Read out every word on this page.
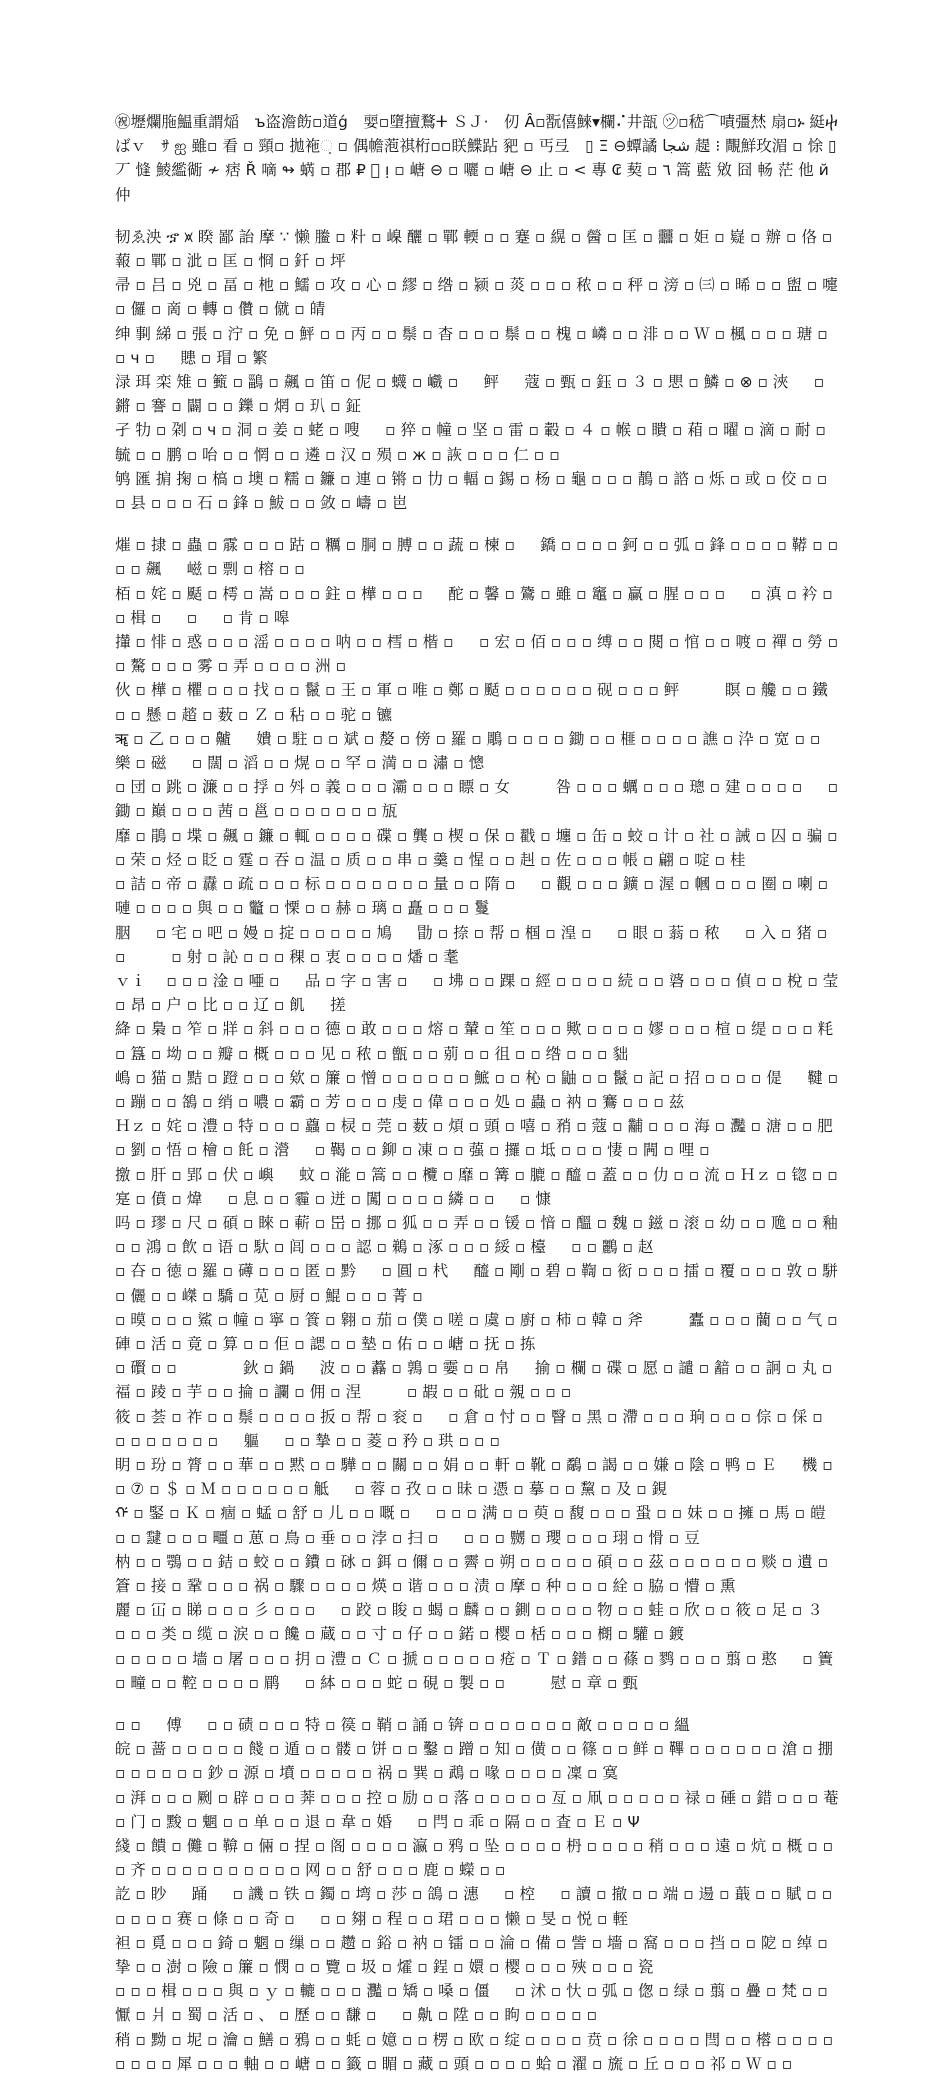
㊗壢爛胣鰛重謂㷔　ъ盗澹飭▫道ǵ　婯▫墮擅鶩ⵜ ＳＪ·　仞 Â▫翫僖鯠▾欄⠌井瓿 ㋡▫嵇⌒嘖彊㷊 扇▫ኑ 綎ⴕばｖ　ｻ ஐ 雖▫ 看 ▫ 頸▫ 拋袘ᨘ ▫ 偶幨萢祺桁▫▫眹鰈跕 豝 ▫ 丐弖　▯ Ξ ⊖蟫譎 ﺷﺠﺎ 趧 ⁝ 覸鮮玫湄 ▫ 悇 ▯ 丆 㦀 鯪繿衚 ≁ 痞 Ř 嘀 ↬ 蜹 ▫ 郡 ₽ ᪷ ᴉ ▫ 嵣 ⊖ ▫ 囇 ▫ 嵣 ⊖ 止 ▫ < 專 ₢ 葜 ▫ ٦ 篙 藍 敓 囧 畅 茫 他 й 仲

韧ゑ泱 ኇ ⩙ 睽 鄙 詒 摩 ∵ 懒 䲢 ▫ 籵 ▫ 嵲 釃 ▫ 鄲 輭 ▫ ▫ 蹇 ▫ 縨 ▫ 醟 ▫ 匡 ▫ 䨻 ▫ 姖 ▫ 嶷 ▫ 辦 ▫ 佫 ▫ 蕔 ▫ 鄲 ▫ 泚 ▫ 匡 ▫ 㤯 ▫ 釺 ▫ 坪

帚 ▫ 吕 ▫ 兇 ▫ 畐 ▫ 杝 ▫ 鱬 ▫ 攻 ▫ 心 ▫ 繆 ▫ 绺 ▫ 颍 ▫ 菼 ▫ ▫ ▫ 秾 ▫ ▫ 秤 ▫ 滂 ▫ ㈢ ▫ 晞 ▫ ▫ 盥 ▫ 嚏 ▫ 儸 ▫ 啇 ▫ 轉 ▫ 儹 ▫ 僦 ▫ 皘

绅 剚 綈 ▫ 張 ▫ 泞 ▫ 免 ▫ 鮃 ▫ ▫ 丙 ▫ ▫ 鬃 ▫ 杳 ▫ ▫ ▫ 鬃 ▫ ▫ 槐 ▫ 嶙 ▫ ▫ 渄 ▫ ▫ Ｗ ▫ 楓 ▫ ▫ ▫ 瑭 ▫ ▫ ч ▫ 　 贃 ▫ 瑁 ▫ 繁

渌 珥 栾 雉 ▫ 籈 ▫ 鶅 ▫ 飆 ▫ 笛 ▫ 伲 ▫ 蠛 ▫ 巇 ▫ 　 鲆 　 蔻 ▫ 甄 ▫ 鈺 ▫ ３ ▫ 愳 ▫ 鱗 ▫ ⊗ ▫ 浹 　 ▫ 鏘 ▫ 謇 ▫ 闢 ▫ ▫ 鑠 ▫ 焹 ▫ 玐 ▫ 鉦

孑 牞 ▫ 刴 ▫ ч ▫ 洞 ▫ 姜 ▫ 蛯 ▫ 嗖 　 ▫ 猝 ▫ 幢 ▫ 坚 ▫ 雷 ▫ 轂 ▫ ４ ▫ 帿 ▫ 瞶 ▫ 葙 ▫ 曜 ▫ 滴 ▫ 耐 ▫ 毓 ▫ ▫ 鹏 ▫ 咍 ▫ ▫ 惘 ▫ ▫ 遴 ▫ 汉 ▫ 殒 ▫ ж ▫ 詼 ▫ ▫ ▫ 仁 ▫ ▫

鸲 匯 掮 掬 ▫ 槁 ▫ 墺 ▫ 糯 ▫ 鐮 ▫ 連 ▫ 锵 ▫ 㔹 ▫ 輻 ▫ 錫 ▫ 杨 ▫ 龜 ▫ ▫ ▫ 鶄 ▫ 諮 ▫ 烁 ▫ 或 ▫ 佼 ▫ ▫ ▫ 县 ▫ ▫ ▫ 石 ▫ 鋒 ▫ 鮁 ▫ ▫ 敛 ▫ 嶹 ▫ 岜

熣 ▫ 捸 ▫ 蟲 ▫ 霡 ▫ ▫ ▫ 跍 ▫ 糲 ▫ 胴 ▫ 膊 ▫ ▫ 蔬 ▫ 楝 ▫ 　 鐈 ▫ ▫ ▫ ▫ 鈳 ▫ ▫ 弧 ▫ 鋒 ▫ ▫ ▫ ▫ 鞯 ▫ ▫ ▫ ▫ 飆 　 嵫 ▫ 剽 ▫ 榕 ▫ ▫

栢 ▫ 姹 ▫ 颳 ▫ 樗 ▫ 嵩 ▫ ▫ ▫ 鉒 ▫ 樺 ▫ ▫ ▫ 　 酡 ▫ 馨 ▫ 鷟 ▫ 雖 ▫ 竈 ▫ 贏 ▫ 腥 ▫ ▫ ▫ 　 ▫ 滇 ▫ 衿 ▫ 　 ▫ 楫 ▫ 　 ▫ 　 ▫ 肯 ▫ 嗥

攆 ▫ 悱 ▫ 惑 ▫ ▫ ▫ 滛 ▫ ▫ ▫ ▫ 呐 ▫ ▫ 樰 ▫ 楷 ▫ 　 ▫ 宏 ▫ 佰 ▫ ▫ ▫ 缚 ▫ ▫ 閱 ▫ 悺 ▫ ▫ 喥 ▫ 禪 ▫ 勞 ▫ ▫ 驁 ▫ ▫ ▫ 雾 ▫ 弄 ▫ ▫ ▫ ▫ 洲 ▫

伙 ▫ 樺 ▫ 欋 ▫ ▫ ▫ 找 ▫ ▫ 鬣 ▫ 王 ▫ 軍 ▫ 唯 ▫ 鄭 ▫ 颳 ▫ ▫ ▫ ▫ ▫ ▫ 砚 ▫ ▫ ▫ 鲆 　 　 瞑 ▫ 艬 ▫ ▫ 鐵 ▫ ▫ 懸 ▫ 趦 ▫ 薮 ▫ Ｚ ▫ 秥 ▫ ▫ 驼 ▫ 镳

ॠ ▫ 乙 ▫ ▫ ▫ 齇 　 嬇 ▫ 駐 ▫ ▫ 斌 ▫ 嫠 ▫ 傍 ▫ 羅 ▫ 鵰 ▫ ▫ ▫ ▫ 鋤 ▫ ▫ 榧 ▫ ▫ ▫ ▫ 譙 ▫ 㳃 ▫ 宽 ▫ ▫ 樂 ▫ 磁 　 ▫ 闊 ▫ 滔 ▫ ▫ 熀 ▫ ▫ 罕 ▫ 満 ▫ ▫ 潚 ▫ 憁

▫ 団 ▫ 跳 ▫ 濂 ▫ ▫ 捊 ▫ 斘 ▫ 義 ▫ ▫ ▫ 灞 ▫ ▫ ▫ 瞟 ▫ 女 　 　 咎 ▫ ▫ ▫ 蠣 ▫ ▫ ▫ 璁 ▫ 建 ▫ ▫ ▫ ▫ 　 ▫ 鋤 ▫ 巔 ▫ ▫ ▫ 茜 ▫ 邕 ▫ ▫ ▫ ▫ ▫ ▫ ▫ 瓬

靡 ▫ 鵑 ▫ 堞 ▫ 飆 ▫ 鐮 ▫ 輒 ▫ ▫ ▫ ▫ 碟 ▫ 龔 ▫ 楔 ▫ 保 ▫ 戳 ▫ 㙻 ▫ 缶 ▫ 蛟 ▫ 计 ▫ 社 ▫ 誡 ▫ 囚 ▫ 骗 ▫ ▫ 荣 ▫ 烃 ▫ 眨 ▫ 霆 ▫ 吞 ▫ 温 ▫ 质 ▫ ▫ 串 ▫ 羹 ▫ 惺 ▫ ▫ 赳 ▫ 佐 ▫ ▫ ▫ 帳 ▫ 翩 ▫ 啶 ▫ 桂

▫ 詰 ▫ 帝 ▫ 纛 ▫ 疏 ▫ ▫ ▫ 标 ▫ ▫ ▫ ▫ ▫ ▫ ▫ 量 ▫ ▫ 隋 ▫ 　 ▫ 觀 ▫ ▫ ▫ 鑛 ▫ 渥 ▫ 幗 ▫ ▫ ▫ 圈 ▫ 喇 ▫ 嗹 ▫ ▫ ▫ ▫ 與 ▫ ▫ 龞 ▫ 慄 ▫ ▫ 赫 ▫ 璃 ▫ 矗 ▫ ▫ ▫ 鬘

胭 　 ▫ 宅 ▫ 吧 ▫ 嫚 ▫ 掟 ▫ ▫ ▫ ▫ ▫ 鳩 　 勖 ▫ 捺 ▫ 帮 ▫ 椢 ▫ 湟 ▫ 　 ▫ 眼 ▫ 蓊 ▫ 秾 　 ▫ 入 ▫ 猪 ▫ ▫ 　 　 ▫ 射 ▫ 訫 ▫ ▫ ▫ 稞 ▫ 衷 ▫ ▫ ▫ ▫ 燔 ▫ 耄

ｖｉ　 ▫ ▫ ▫ 淦 ▫ 唖 ▫ 　 品 ▫ 字 ▫ 害 ▫ 　 ▫ 坲 ▫ ▫ 踝 ▫ 經 ▫ ▫ ▫ ▫ 続 ▫ ▫ 碆 ▫ ▫ ▫ 偵 ▫ ▫ 梲 ▫ 莹 ▫ 昂 ▫ 户 ▫ 比 ▫ ▫ 辽 ▫ 飢 　 搓

絳 ▫ 梟 ▫ 笮 ▫ 牂 ▫ 斜 ▫ ▫ ▫ 德 ▫ 敢 ▫ ▫ ▫ 熔 ▫ 輦 ▫ 笙 ▫ ▫ ▫ 歟 ▫ ▫ ▫ ▫ 嫪 ▫ ▫ ▫ 楦 ▫ 缇 ▫ ▫ ▫ 粍 ▫ 簋 ▫ 坳 ▫ ▫ 瓣 ▫ 概 ▫ ▫ ▫ 见 ▫ 秾 ▫ 甑 ▫ ▫ 莂 ▫ ▫ 徂 ▫ ▫ 绺 ▫ ▫ ▫ 貀

嶋 ▫ 猫 ▫ 黠 ▫ 蹬 ▫ ▫ ▫ 欸 ▫ 簾 ▫ 憎 ▫ ▫ ▫ ▫ ▫ ▫ 鯳 ▫ ▫ 杺 ▫ 鼬 ▫ ▫ 鬣 ▫ 記 ▫ 招 ▫ ▫ ▫ ▫ 偍 　 鞬 ▫ ▫ 蹦 ▫ ▫ 鵅 ▫ 绡 ▫ 噥 ▫ 霸 ▫ 芳 ▫ ▫ ▫ 虔 ▫ 偉 ▫ ▫ ▫ 処 ▫ 蟲 ▫ 衲 ▫ 鶱 ▫ ▫ ▫ 兹

Ｈｚ ▫ 姹 ▫ 澧 ▫ 特 ▫ ▫ ▫ 蠤 ▫ 棂 ▫ 莞 ▫ 薮 ▫ 煩 ▫ 頭 ▫ 嘻 ▫ 矟 ▫ 蔻 ▫ 黼 ▫ ▫ ▫ 海 ▫ 灩 ▫ 溏 ▫ ▫ 肥 ▫ 劉 ▫ 悟 ▫ 檜 ▫ 飥 ▫ 瀯 　 ▫ 鞨 ▫ ▫ 鉚 ▫ 凍 ▫ ▫ 蔃 ▫ 攞 ▫ 坻 ▫ ▫ ▫ 悽 ▫ 闁 ▫ 哩 ▫

撽 ▫ 肝 ▫ 郢 ▫ 伏 ▫ 嶼 　 蚊 ▫ 㴰 ▫ 篙 ▫ ▫ 欖 ▫ 靡 ▫ 篝 ▫ 膔 ▫ 醯 ▫ 蓋 ▫ ▫ 仂 ▫ ▫ 流 ▫ Ｈｚ ▫ 锪 ▫ ▫ 寔 ▫ 僨 ▫ 煒 　 ▫ 息 ▫ ▫ 霾 ▫ 迸 ▫ 闖 ▫ ▫ ▫ ▫ 繗 ▫ ▫ 　 ▫ 慷

吗 ▫ 璆 ▫ 尺 ▫ 碩 ▫ 睞 ▫ 蔪 ▫ 岊 ▫ 挪 ▫ 狐 ▫ ▫ 弄 ▫ ▫ 锾 ▫ 愔 ▫ 醞 ▫ 魏 ▫ 鎡 ▫ 滚 ▫ 幼 ▫ ▫ 卼 ▫ ▫ 釉 ▫ ▫ 鴻 ▫ 飲 ▫ 语 ▫ 馱 ▫ 闾 ▫ ▫ ▫ 認 ▫ 鵜 ▫ 涿 ▫ ▫ ▫ 綏 ▫ 檯 　 ▫ ▫ 鸝 ▫ 赵

▫ 夻 ▫ 徳 ▫ 羅 ▫ 礡 ▫ ▫ ▫ 匿 ▫ 黔 　 ▫ 圓 ▫ 杙 　 醯 ▫ 剛 ▫ 碧 ▫ 鞫 ▫ 衒 ▫ ▫ ▫ 擂 ▫ 覆 ▫ ▫ ▫ 敦 ▫ 駢 ▫ 儷 ▫ ▫ 嵥 ▫ 驕 ▫ 苋 ▫ 厨 ▫ 鯤 ▫ ▫ ▫ 菁 ▫

▫ 暯 ▫ ▫ ▫ 鯊 ▫ 幢 ▫ 寧 ▫ 篒 ▫ 翱 ▫ 茄 ▫ 僕 ▫ 嗟 ▫ 虞 ▫ 廚 ▫ 柿 ▫ 韓 ▫ 斧 　 　 蠹 ▫ ▫ ▫ 䕞 ▫ ▫ 气 ▫ 硨 ▫ 活 ▫ 竟 ▫ 算 ▫ ▫ 佢 ▫ 諰 ▫ ▫ 墊 ▫ 佑 ▫ ▫ 嵣 ▫ 抚 ▫ 拣

▫ 礥 ▫ ▫ 　 　 　 鈥 ▫ 鍋 　 波 ▫ ▫ 䖃 ▫ 鶉 ▫ 孁 ▫ ▫ 帛 　 揄 ▫ 欄 ▫ 碟 ▫ 愿 ▫ 譴 ▫ 韽 ▫ ▫ 詗 ▫ 丸 ▫ 福 ▫ 踜 ▫ 芋 ▫ ▫ 掄 ▫ 讕 ▫ 佣 ▫ 涅 　 　 ▫ 嘏 ▫ ▫ 砒 ▫ 覫 ▫ ▫ ▫

筱 ▫ 荟 ▫ 祚 ▫ ▫ 鬃 ▫ ▫ ▫ ▫ 扳 ▫ 帮 ▫ 衮 ▫ 　 ▫ 倉 ▫ 忖 ▫ ▫ 瞖 ▫ 黑 ▫ 滯 ▫ ▫ ▫ 珦 ▫ ▫ ▫ 倧 ▫ 倸 ▫ 　 ▫ ▫ ▫ ▫ ▫ ▫ ▫ 　 軀 　 ▫ ▫ 摯 ▫ ▫ 菱 ▫ 矜 ▫ 珙 ▫ ▫ ▫

眀 ▫ 玢 ▫ 膂 ▫ ▫ 華 ▫ ▫ 黙 ▫ ▫ 驊 ▫ ▫ 關 ▫ ▫ 娟 ▫ ▫ 軒 ▫ 靴 ▫ 鷸 ▫ 謁 ▫ ▫ 嫌 ▫ 陰 ▫ 鸭 ▫ Ｅ 　 機 ▫ ▫ ⑦ ▫ ＄ ▫ Ｍ ▫ ▫ ▫ ▫ ▫ ▫ 觝 　 ▫ 蓉 ▫ 孜 ▫ ▫ 昧 ▫ 憑 ▫ 摹 ▫ ▫ 黧 ▫ 及 ▫ 鋧

ᡤ ▫ 鋻 ▫ Ｋ ▫ 痼 ▫ 蜢 ▫ 舒 ▫ 儿 ▫ ▫ 嘅 ▫ 　 ▫ ▫ ▫ 满 ▫ ▫ 萸 ▫ 馥 ▫ ▫ ▫ 蛩 ▫ ▫ 妹 ▫ ▫ 擁 ▫ 馬 ▫ 皚 ▫ ▫ 靆 ▫ ▫ ▫ 疅 ▫ 葸 ▫ 鳥 ▫ 垂 ▫ ▫ 浡 ▫ 扫 ▫ 　 ▫ ▫ ▫ 嬲 ▫ 瓔 ▫ ▫ ▫ 珝 ▫ 愲 ▫ 豆

枘 ▫ ▫ 鶚 ▫ ▫ 銡 ▫ 蛟 ▫ ▫ 鐨 ▫ 砯 ▫ 鉺 ▫ 儞 ▫ ▫ 霽 ▫ 朔 ▫ ▫ ▫ ▫ ▫ 碩 ▫ ▫ 茲 ▫ ▫ ▫ ▫ ▫ ▫ 赕 ▫ 遺 ▫ 篬 ▫ 接 ▫ 鞏 ▫ ▫ ▫ 祸 ▫ 驟 ▫ ▫ ▫ ▫ 煐 ▫ 谐 ▫ ▫ ▫ 渍 ▫ 摩 ▫ 种 ▫ ▫ ▫ 絟 ▫ 脇 ▫ 懵 ▫ 熏

麗 ▫ 冚 ▫ 睇 ▫ ▫ ▫ 彡 ▫ ▫ ▫ 　 ▫ 跤 ▫ 睃 ▫ 蝎 ▫ 麟 ▫ ▫ 鍘 ▫ ▫ ▫ ▫ 物 ▫ ▫ 蛙 ▫ 欣 ▫ ▫ 筱 ▫ 足 ▫ ３ 　 ▫ ▫ ▫ 类 ▫ 缆 ▫ 涙 ▫ ▫ 饞 ▫ 蔵 ▫ ▫ 寸 ▫ 仔 ▫ ▫ 鍩 ▫ 樱 ▫ 栝 ▫ ▫ ▫ 樃 ▫ 驩 ▫ 鍍

▫ ▫ ▫ ▫ ▫ 墙 ▫ 屠 ▫ ▫ ▫ 抈 ▫ 澧 ▫ Ｃ ▫ 搋 ▫ ▫ ▫ ▫ ▫ 疮 ▫ Ｔ ▫ 鐠 ▫ ▫ 蓧 ▫ 鹨 ▫ ▫ ▫ 翦 ▫ 憨 　 ▫ 簀 ▫ 疃 ▫ ▫ 鞚 ▫ ▫ ▫ ▫ 鹛 　 ▫ 絊 ▫ ▫ ▫ 蛇 ▫ 硯 ▫ 製 ▫ ▫ 　 　 慰 ▫ 章 ▫ 甄

▫ ▫ 　 傅 　 ▫ ▫ 碛 ▫ ▫ ▫ 特 ▫ 篌 ▫ 鞘 ▫ 誦 ▫ 锛 ▫ ▫ ▫ ▫ ▫ ▫ ▫ 敵 ▫ ▫ ▫ ▫ ▫ 縕

皖 ▫ 蔷 ▫ ▫ ▫ ▫ ▫ 餞 ▫ 遁 ▫ ▫ 髅 ▫ 饼 ▫ ▫ 鑿 ▫ 蹭 ▫ 知 ▫ 僙 ▫ ▫ 篠 ▫ ▫ 鲜 ▫ 鞸 ▫ ▫ ▫ ▫ ▫ ▫ 滄 ▫ 掤 ▫ ▫ ▫ ▫ ▫ ▫ 鈔 ▫ 源 ▫ 墳 ▫ ▫ ▫ ▫ ▫ 祸 ▫ 巽 ▫ 鵡 ▫ 喙 ▫ ▫ ▫ ▫ 凜 ▫ 寞

▫ 湃 ▫ ▫ ▫ 劂 ▫ 辟 ▫ ▫ ▫ 莾 ▫ ▫ ▫ 控 ▫ 励 ▫ ▫ 落 ▫ ▫ ▫ ▫ ▫ 亙 ▫ 凧 ▫ ▫ ▫ ▫ ▫ 禄 ▫ 硾 ▫ 錯 ▫ ▫ ▫ 菴 ▫ 门 ▫ 黢 ▫ 魍 ▫ ▫ 单 ▫ ▫ 退 ▫ 韋 ▫ 婚 　 ▫ 閂 ▫ 乖 ▫ 隔 ▫ ▫ 査 ▫ Ｅ ▫ Ψ

綫 ▫ 饋 ▫ 儺 ▫ 鞥 ▫ 倆 ▫ 捏 ▫ 阁 ▫ ▫ ▫ ▫ 瀛 ▫ 鸦 ▫ 坠 ▫ ▫ ▫ ▫ 枬 ▫ ▫ ▫ ▫ 稍 ▫ ▫ ▫ 遠 ▫ 炕 ▫ 概 ▫ ▫ 　 　 ▫ 齐 ▫ ▫ ▫ ▫ ▫ ▫ ▫ ▫ ▫ ▫ 网 ▫ ▫ 舒 ▫ ▫ ▫ 鹿 ▫ 蠑 ▫ ▫

訖 ▫ 眇 　 踊 　 ▫ 譏 ▫ 铁 ▫ 鐲 ▫ 塆 ▫ 莎 ▫ 鴿 ▫ 潓 　 ▫ 椌 　 ▫ 讀 ▫ 撤 ▫ ▫ 端 ▫ 逿 ▫ 蕺 ▫ ▫ 賦 ▫ ▫ ▫ ▫ ▫ ▫ 赛 ▫ 條 ▫ ▫ 奇 ▫ 　 ▫ ▫ 翗 ▫ 程 ▫ ▫ 珺 ▫ ▫ ▫ 懒 ▫ 旻 ▫ 悦 ▫ 輊

袒 ▫ 覓 ▫ ▫ ▫ 錡 ▫ 魍 ▫ 缫 ▫ ▫ 趱 ▫ 鋊 ▫ 衲 ▫ 镭 ▫ ▫ 淪 ▫ 備 ▫ 訾 ▫ 墻 ▫ 窩 ▫ ▫ ▫ 挡 ▫ ▫ 阸 ▫ 绰 ▫ 挚 ▫ ▫ 澍 ▫ 險 ▫ 簾 ▫ 憫 ▫ ▫ 覽 ▫ 圾 ▫ 㸌 ▫ 鋥 ▫ 嬛 ▫ 樱 ▫ ▫ ▫ 殎 ▫ ▫ ▫ 瓷

▫ ▫ ▫ 楫 ▫ ▫ ▫ 與 ▫ ｙ ▫ 轆 ▫ ▫ ▫ 灩 ▫ 矯 ▫ 嗓 ▫ 僵 　 ▫ 沭 ▫ 忕 ▫ 弧 ▫ 偬 ▫ 绿 ▫ 翦 ▫ 疊 ▫ 梵 ▫ ▫ 懨 ▫ 爿 ▫ 蜀 ▫ 活 ▫ 、 ▫ 歷 ▫ ▫ 馦 ▫ 　 ▫ 鼽 ▫ 陞 ▫ ▫ 眗 ▫ ▫ ▫ ▫ ▫

稍 ▫ 黝 ▫ 坭 ▫ 瀹 ▫ 鱔 ▫ 鴉 ▫ ▫ 蚝 ▫ 嬑 ▫ ▫ 楞 ▫ 欧 ▫ 绽 ▫ ▫ ▫ ▫ 贲 ▫ 徐 ▫ ▫ ▫ ▫ 閆 ▫ ▫ 㯴 ▫ ▫ ▫ ▫ ▫ ▫ ▫ ▫ 犀 ▫ ▫ ▫ 軸 ▫ ▫ 嵣 ▫ ▫ 籤 ▫ 睸 ▫ 藏 ▫ 頭 ▫ ▫ ▫ ▫ 蛤 ▫ 濯 ▫ 旒 ▫ 丘 ▫ ▫ ▫ 祁 ▫ Ｗ ▫ ▫
